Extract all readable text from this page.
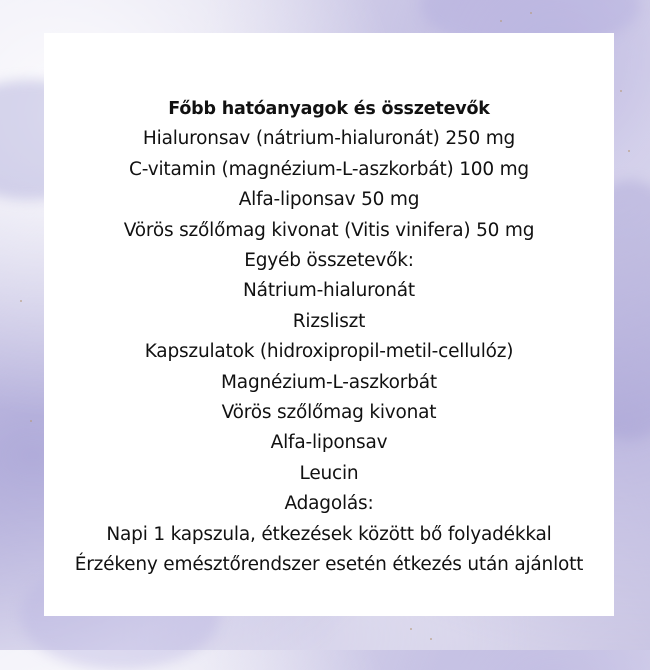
Főbb hatóanyagok és összetevők
Hialuronsav (nátrium-hialuronát) 250 mg
C-vitamin (magnézium-L-aszkorbát) 100 mg
Alfa-liponsav 50 mg
Vörös szőlőmag kivonat (Vitis vinifera) 50 mg
Egyéb összetevők:
Nátrium-hialuronát
Rizsliszt
Kapszulatok (hidroxipropil-metil-cellulóz)
Magnézium-L-aszkorbát
Vörös szőlőmag kivonat
Alfa-liponsav
Leucin
Adagolás:
Napi 1 kapszula, étkezések között bő folyadékkal
Érzékeny emésztőrendszer esetén étkezés után ajánlott
